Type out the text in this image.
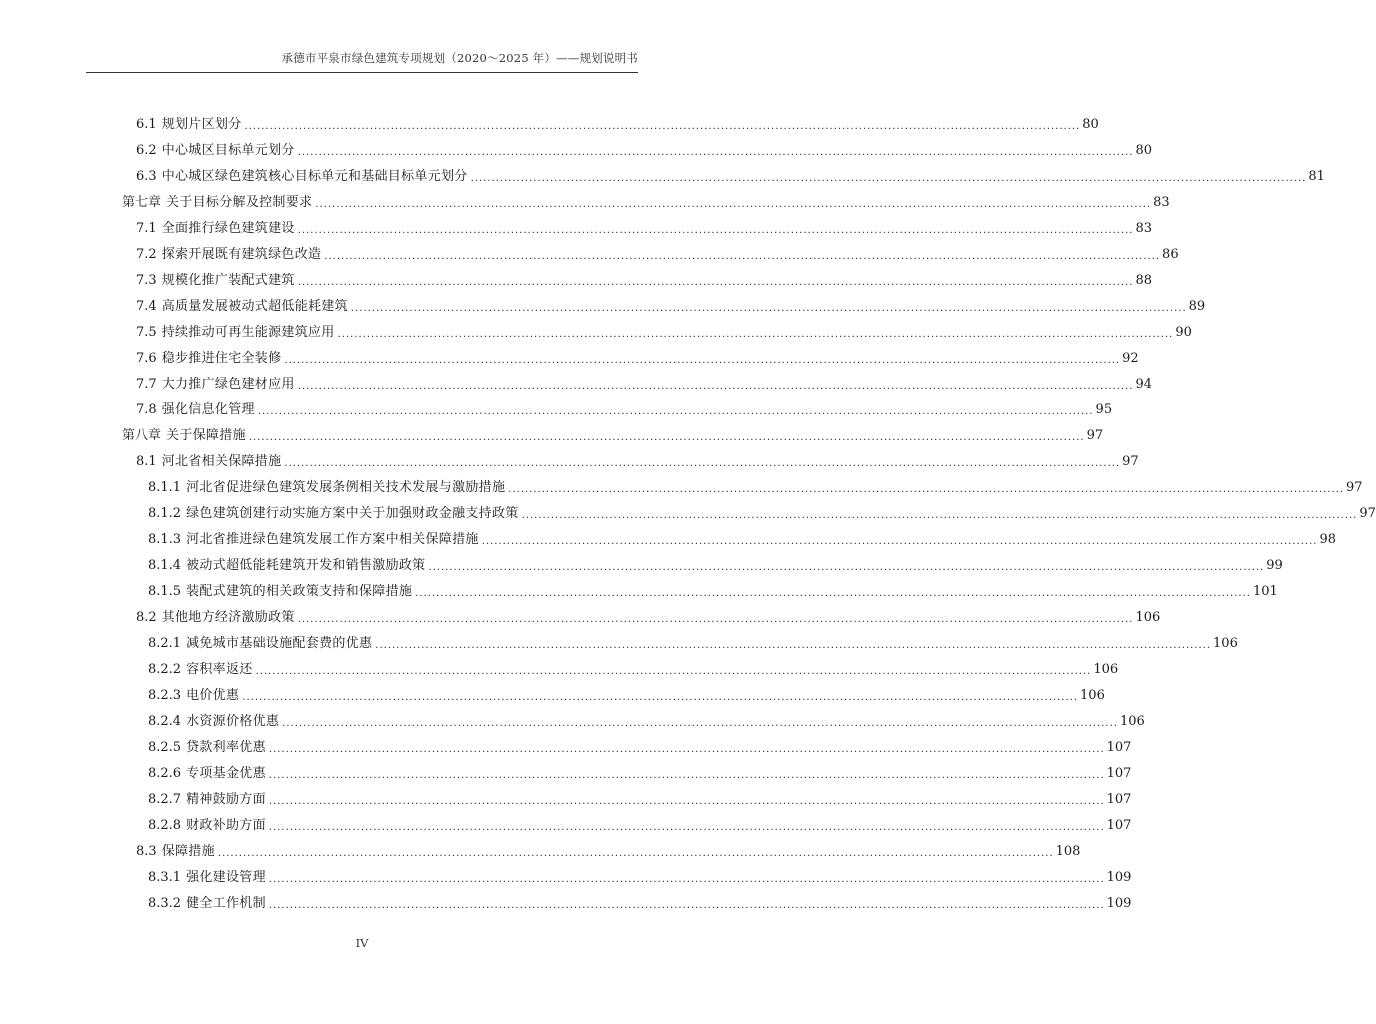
承德市平泉市绿色建筑专项规划（2020～2025 年）——规划说明书
6.1 规划片区划分 ........................................................................................................................................................................................................ 80
6.2 中心城区目标单元划分 ........................................................................................................................................................................................................ 80
6.3 中心城区绿色建筑核心目标单元和基础目标单元划分 ........................................................................................................................................................................................................ 81
第七章 关于目标分解及控制要求 ........................................................................................................................................................................................................ 83
7.1 全面推行绿色建筑建设 ........................................................................................................................................................................................................ 83
7.2 探索开展既有建筑绿色改造 ........................................................................................................................................................................................................ 86
7.3 规模化推广装配式建筑 ........................................................................................................................................................................................................ 88
7.4 高质量发展被动式超低能耗建筑 ........................................................................................................................................................................................................ 89
7.5 持续推动可再生能源建筑应用 ........................................................................................................................................................................................................ 90
7.6 稳步推进住宅全装修 ........................................................................................................................................................................................................ 92
7.7 大力推广绿色建材应用 ........................................................................................................................................................................................................ 94
7.8 强化信息化管理 ........................................................................................................................................................................................................ 95
第八章 关于保障措施 ........................................................................................................................................................................................................ 97
8.1 河北省相关保障措施 ........................................................................................................................................................................................................ 97
8.1.1 河北省促进绿色建筑发展条例相关技术发展与激励措施 ........................................................................................................................................................................................................ 97
8.1.2 绿色建筑创建行动实施方案中关于加强财政金融支持政策 ........................................................................................................................................................................................................ 97
8.1.3 河北省推进绿色建筑发展工作方案中相关保障措施 ........................................................................................................................................................................................................ 98
8.1.4 被动式超低能耗建筑开发和销售激励政策 ........................................................................................................................................................................................................ 99
8.1.5 装配式建筑的相关政策支持和保障措施 ........................................................................................................................................................................................................ 101
8.2 其他地方经济激励政策 ........................................................................................................................................................................................................ 106
8.2.1 减免城市基础设施配套费的优惠 ........................................................................................................................................................................................................ 106
8.2.2 容积率返还 ........................................................................................................................................................................................................ 106
8.2.3 电价优惠 ........................................................................................................................................................................................................ 106
8.2.4 水资源价格优惠 ........................................................................................................................................................................................................ 106
8.2.5 贷款利率优惠 ........................................................................................................................................................................................................ 107
8.2.6 专项基金优惠 ........................................................................................................................................................................................................ 107
8.2.7 精神鼓励方面 ........................................................................................................................................................................................................ 107
8.2.8 财政补助方面 ........................................................................................................................................................................................................ 107
8.3 保障措施 ........................................................................................................................................................................................................ 108
8.3.1 强化建设管理 ........................................................................................................................................................................................................ 109
8.3.2 健全工作机制 ........................................................................................................................................................................................................ 109
IV
